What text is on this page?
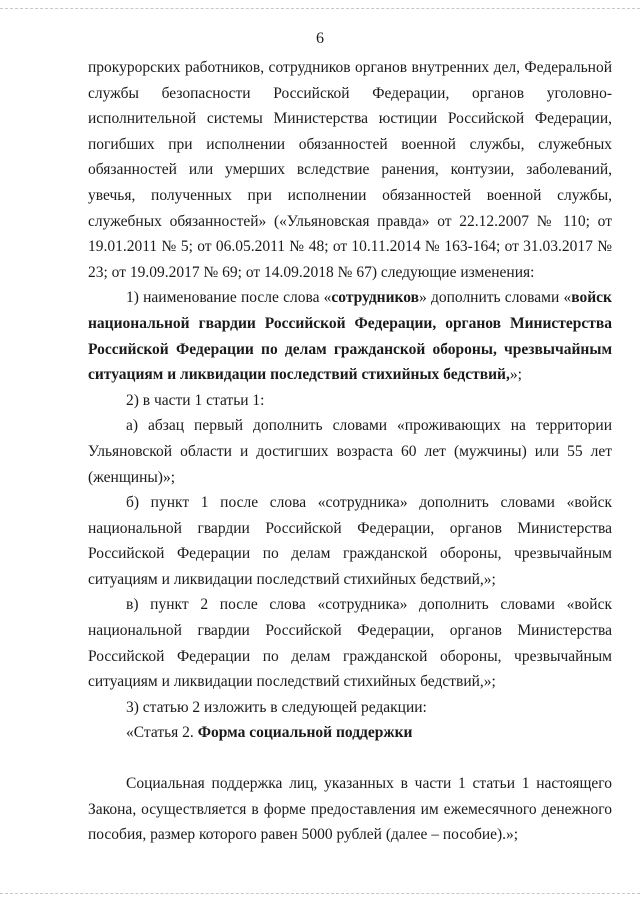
6

прокурорских работников, сотрудников органов внутренних дел, Федеральной службы безопасности Российской Федерации, органов уголовно-исполнительной системы Министерства юстиции Российской Федерации, погибших при исполнении обязанностей военной службы, служебных обязанностей или умерших вследствие ранения, контузии, заболеваний, увечья, полученных при исполнении обязанностей военной службы, служебных обязанностей» («Ульяновская правда» от 22.12.2007 № 110; от 19.01.2011 № 5; от 06.05.2011 № 48; от 10.11.2014 № 163-164; от 31.03.2017 № 23; от 19.09.2017 № 69; от 14.09.2018 № 67) следующие изменения:

1) наименование после слова «сотрудников» дополнить словами «войск национальной гвардии Российской Федерации, органов Министерства Российской Федерации по делам гражданской обороны, чрезвычайным ситуациям и ликвидации последствий стихийных бедствий,»;

2) в части 1 статьи 1:

а) абзац первый дополнить словами «проживающих на территории Ульяновской области и достигших возраста 60 лет (мужчины) или 55 лет (женщины)»;

б) пункт 1 после слова «сотрудника» дополнить словами «войск национальной гвардии Российской Федерации, органов Министерства Российской Федерации по делам гражданской обороны, чрезвычайным ситуациям и ликвидации последствий стихийных бедствий,»;

в) пункт 2 после слова «сотрудника» дополнить словами «войск национальной гвардии Российской Федерации, органов Министерства Российской Федерации по делам гражданской обороны, чрезвычайным ситуациям и ликвидации последствий стихийных бедствий,»;

3) статью 2 изложить в следующей редакции:

«Статья 2. Форма социальной поддержки

Социальная поддержка лиц, указанных в части 1 статьи 1 настоящего Закона, осуществляется в форме предоставления им ежемесячного денежного пособия, размер которого равен 5000 рублей (далее – пособие).»;
